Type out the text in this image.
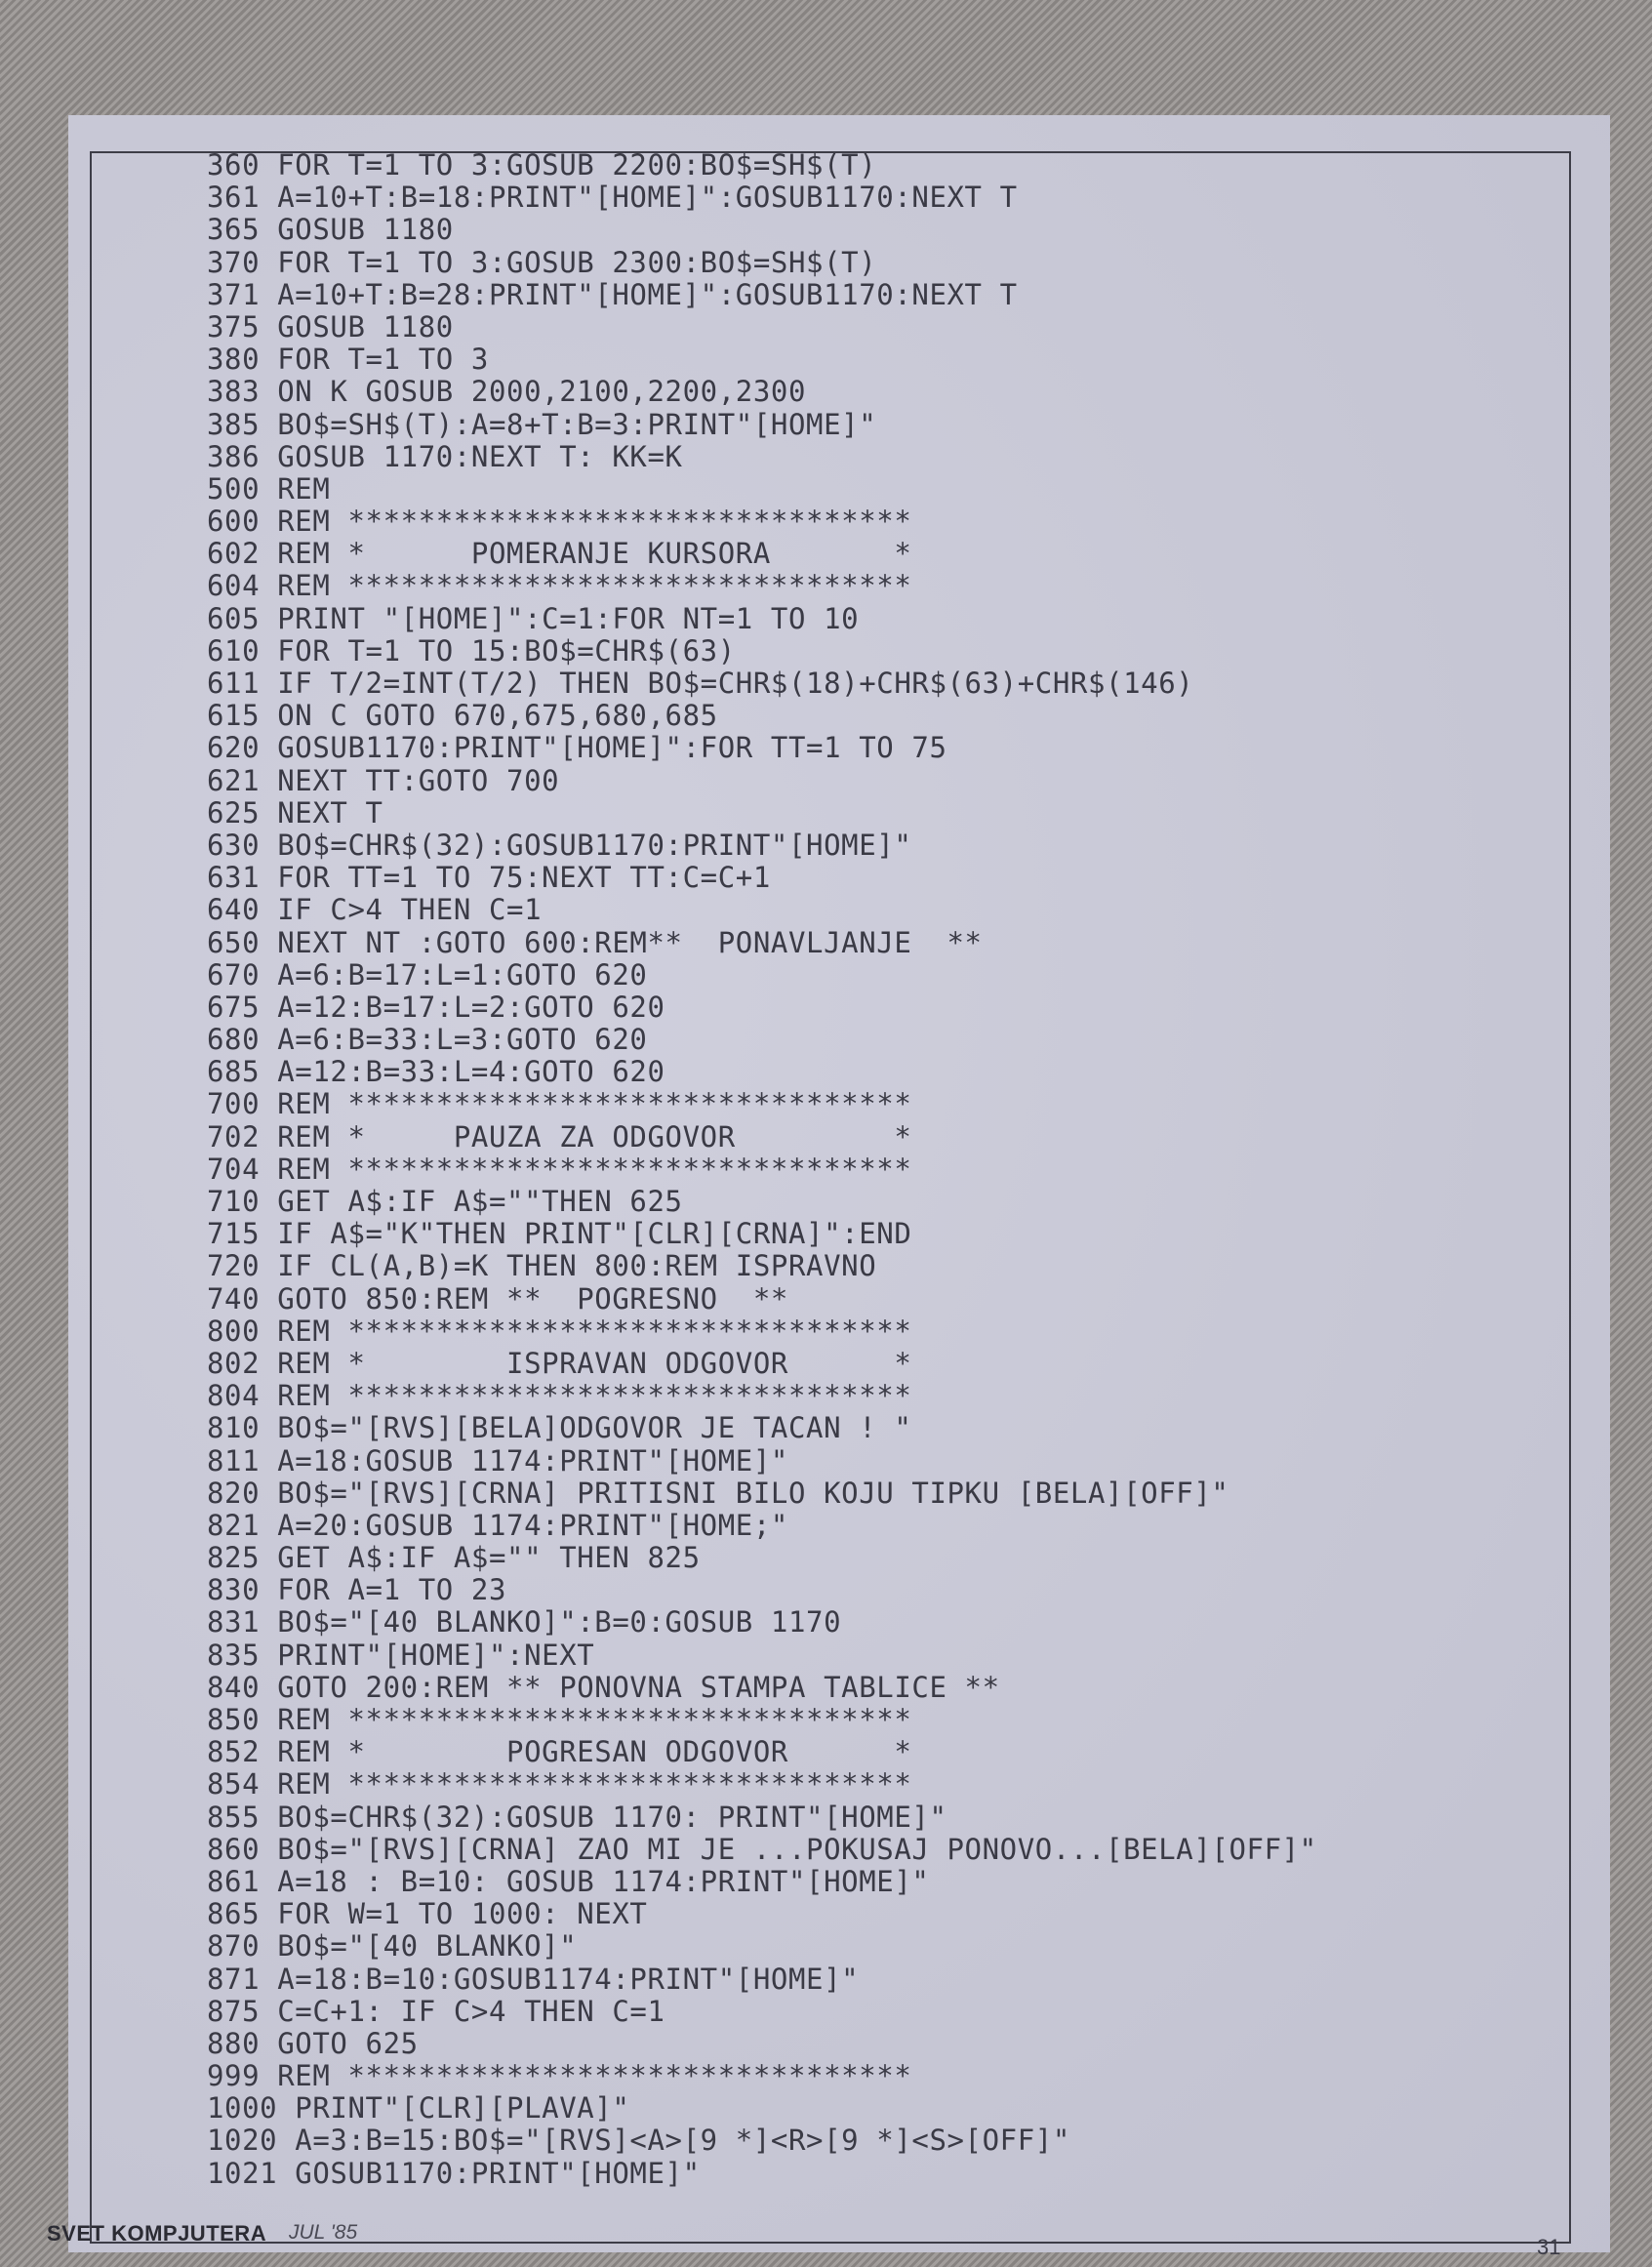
360 FOR T=1 TO 3:GOSUB 2200:BO$=SH$(T)
361 A=10+T:B=18:PRINT"[HOME]":GOSUB1170:NEXT T
365 GOSUB 1180
370 FOR T=1 TO 3:GOSUB 2300:BO$=SH$(T)
371 A=10+T:B=28:PRINT"[HOME]":GOSUB1170:NEXT T
375 GOSUB 1180
380 FOR T=1 TO 3
383 ON K GOSUB 2000,2100,2200,2300
385 BO$=SH$(T):A=8+T:B=3:PRINT"[HOME]"
386 GOSUB 1170:NEXT T: KK=K
500 REM
600 REM ********************************
602 REM *      POMERANJE KURSORA       *
604 REM ********************************
605 PRINT "[HOME]":C=1:FOR NT=1 TO 10
610 FOR T=1 TO 15:BO$=CHR$(63)
611 IF T/2=INT(T/2) THEN BO$=CHR$(18)+CHR$(63)+CHR$(146)
615 ON C GOTO 670,675,680,685
620 GOSUB1170:PRINT"[HOME]":FOR TT=1 TO 75
621 NEXT TT:GOTO 700
625 NEXT T
630 BO$=CHR$(32):GOSUB1170:PRINT"[HOME]"
631 FOR TT=1 TO 75:NEXT TT:C=C+1
640 IF C>4 THEN C=1
650 NEXT NT :GOTO 600:REM**  PONAVLJANJE  **
670 A=6:B=17:L=1:GOTO 620
675 A=12:B=17:L=2:GOTO 620
680 A=6:B=33:L=3:GOTO 620
685 A=12:B=33:L=4:GOTO 620
700 REM ********************************
702 REM *     PAUZA ZA ODGOVOR         *
704 REM ********************************
710 GET A$:IF A$=""THEN 625
715 IF A$="K"THEN PRINT"[CLR][CRNA]":END
720 IF CL(A,B)=K THEN 800:REM ISPRAVNO
740 GOTO 850:REM **  POGRESNO  **
800 REM ********************************
802 REM *        ISPRAVAN ODGOVOR      *
804 REM ********************************
810 BO$="[RVS][BELA]ODGOVOR JE TACAN ! "
811 A=18:GOSUB 1174:PRINT"[HOME]"
820 BO$="[RVS][CRNA] PRITISNI BILO KOJU TIPKU [BELA][OFF]"
821 A=20:GOSUB 1174:PRINT"[HOME;"
825 GET A$:IF A$="" THEN 825
830 FOR A=1 TO 23
831 BO$="[40 BLANKO]":B=0:GOSUB 1170
835 PRINT"[HOME]":NEXT
840 GOTO 200:REM ** PONOVNA STAMPA TABLICE **
850 REM ********************************
852 REM *        POGRESAN ODGOVOR      *
854 REM ********************************
855 BO$=CHR$(32):GOSUB 1170: PRINT"[HOME]"
860 BO$="[RVS][CRNA] ZAO MI JE ...POKUSAJ PONOVO...[BELA][OFF]"
861 A=18 : B=10: GOSUB 1174:PRINT"[HOME]"
865 FOR W=1 TO 1000: NEXT
870 BO$="[40 BLANKO]"
871 A=18:B=10:GOSUB1174:PRINT"[HOME]"
875 C=C+1: IF C>4 THEN C=1
880 GOTO 625
999 REM ********************************
1000 PRINT"[CLR][PLAVA]"
1020 A=3:B=15:BO$="[RVS]<A>[9 *]<R>[9 *]<S>[OFF]"
1021 GOSUB1170:PRINT"[HOME]"
SVET KOMPJUTERA JUL '85
31
